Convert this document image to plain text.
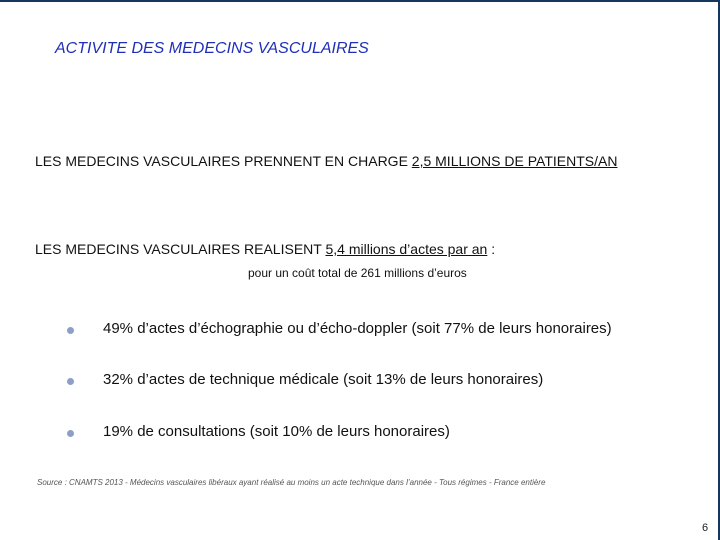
ACTIVITE DES MEDECINS VASCULAIRES
LES MEDECINS VASCULAIRES PRENNENT EN CHARGE 2,5 MILLIONS DE PATIENTS/AN
LES MEDECINS VASCULAIRES REALISENT 5,4 millions d’actes par an :
pour un coût total de 261 millions d’euros
49% d’actes d’échographie ou d’écho-doppler (soit 77% de leurs honoraires)
32% d’actes de technique médicale (soit 13% de leurs honoraires)
19% de consultations (soit 10% de leurs honoraires)
Source : CNAMTS 2013 - Médecins vasculaires libéraux ayant réalisé au moins un acte technique dans l’année - Tous régimes - France entière
6
